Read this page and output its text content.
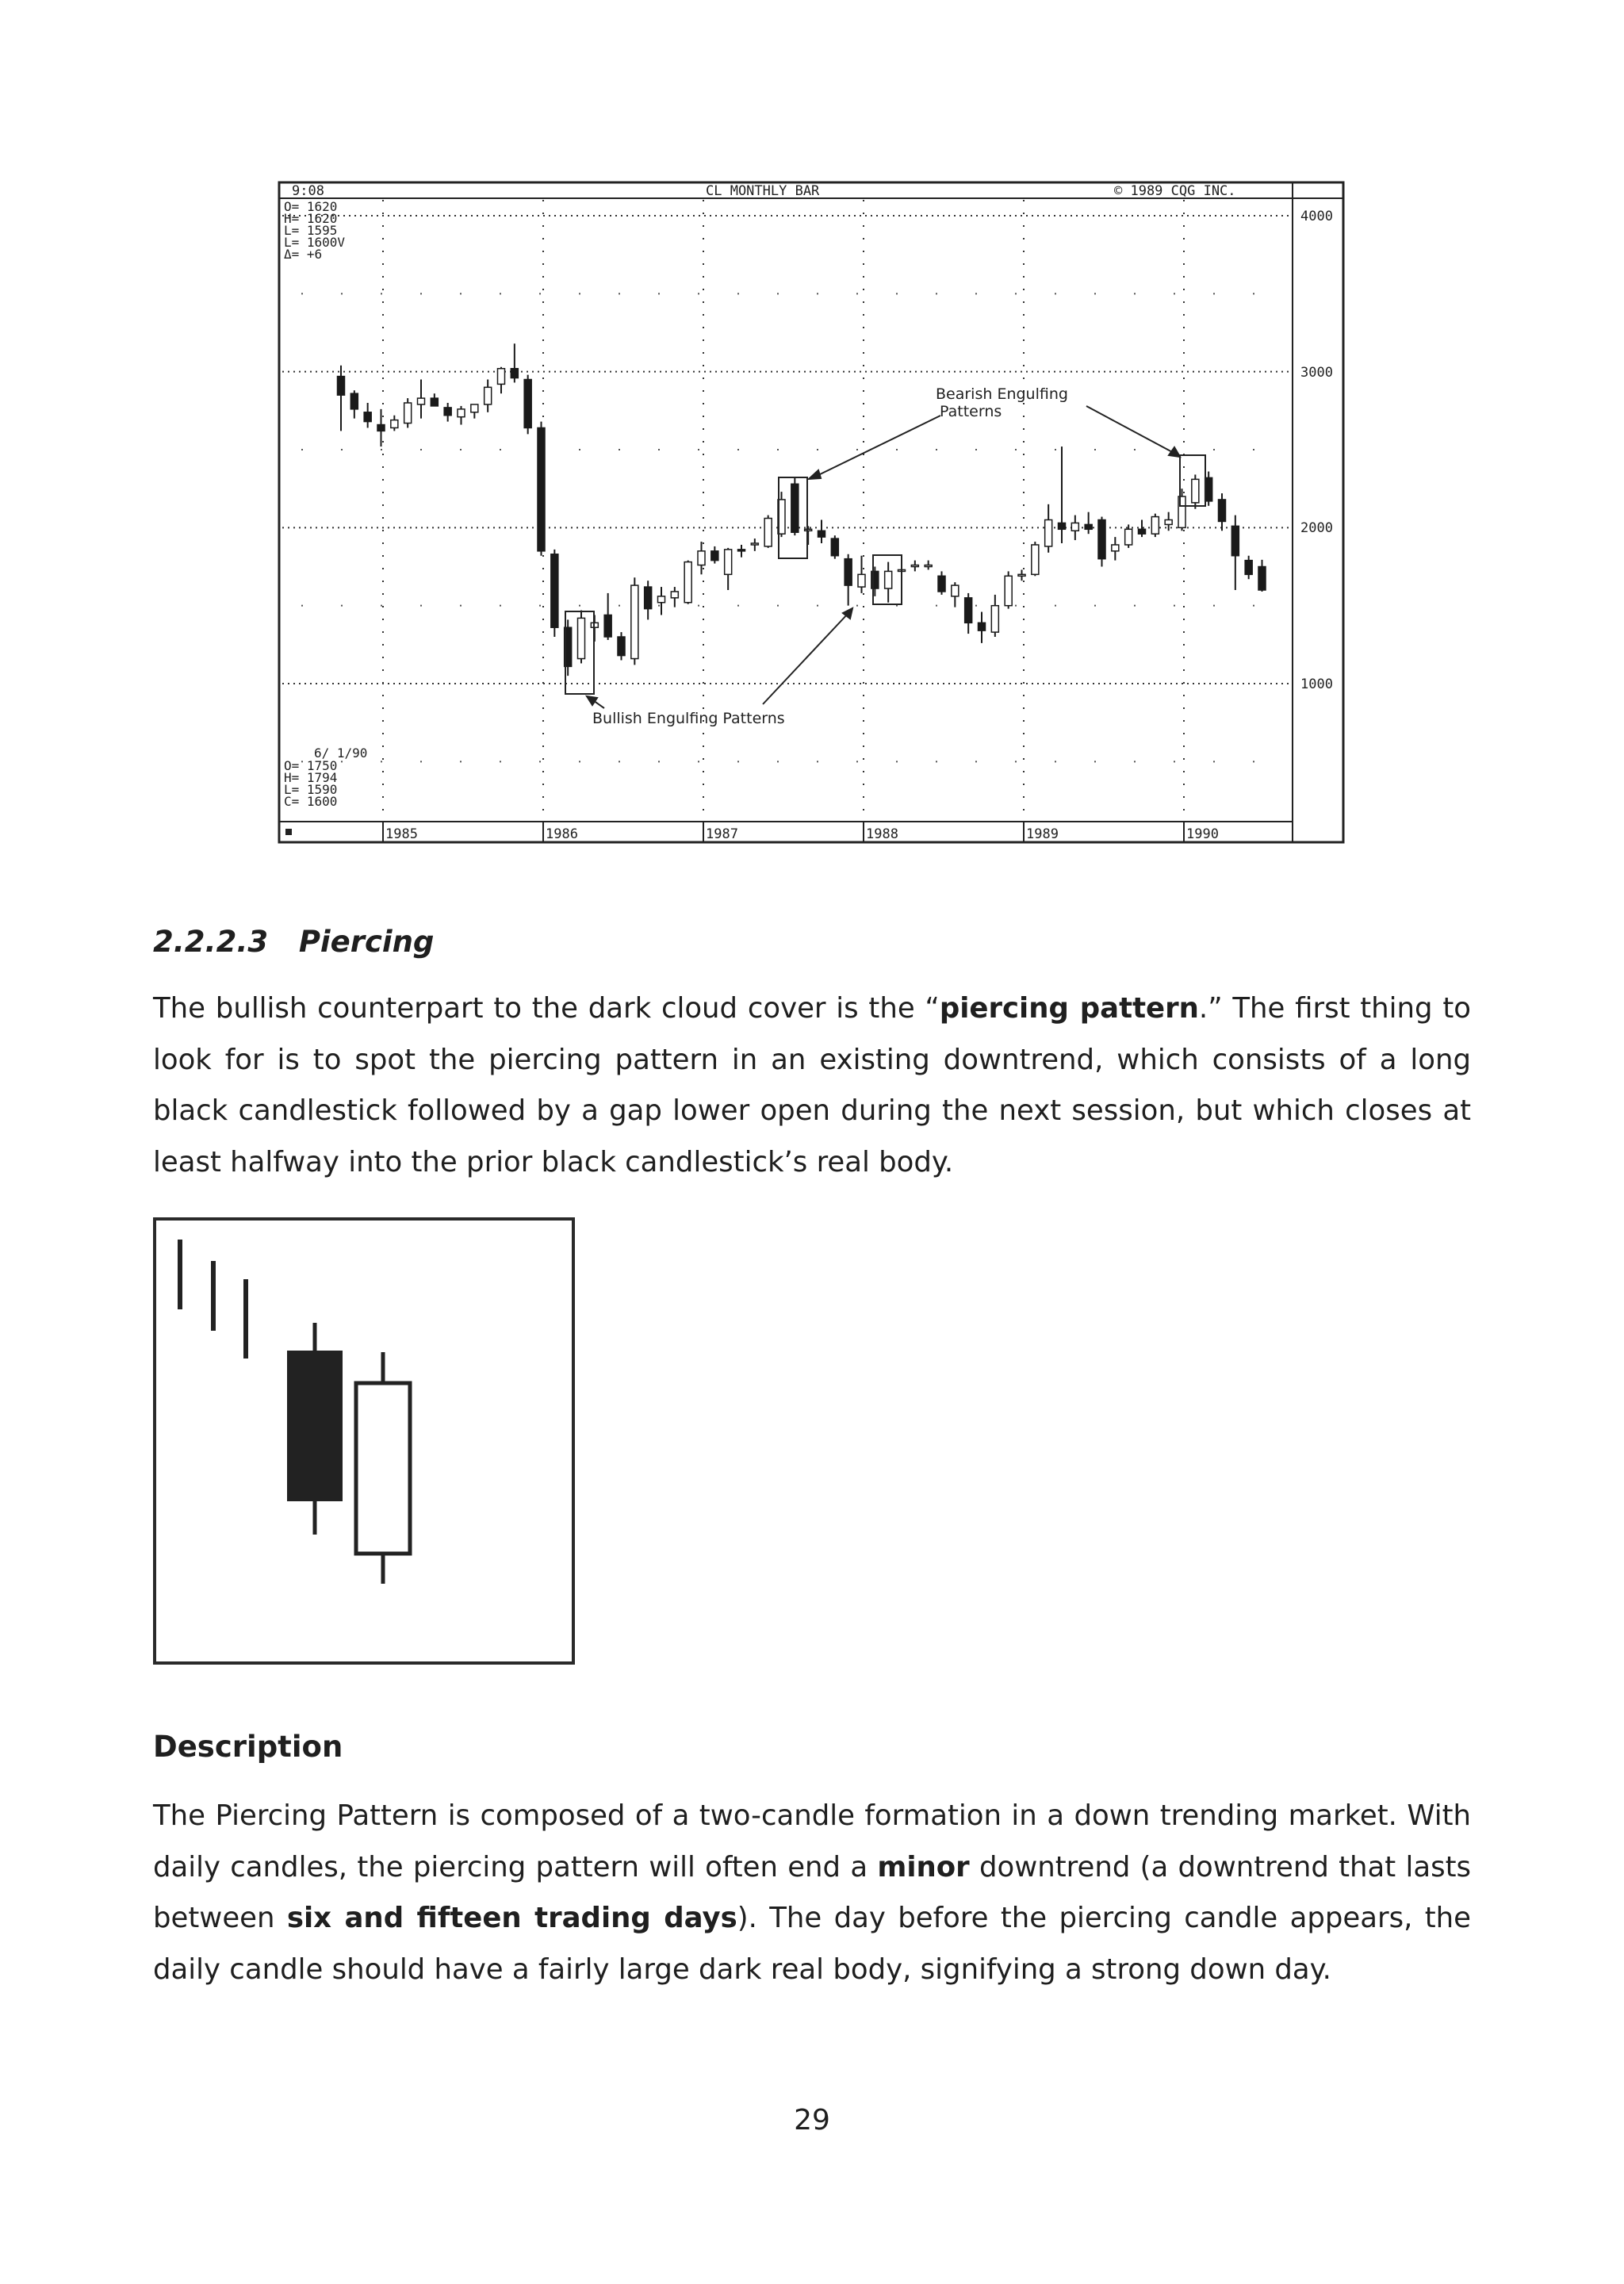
9:08	CL MONTHLY BAR	© 1989 CQG INC.
O= 1620
H= 1620
L= 1595
L= 1600V
Δ= +6
6/ 1/90
O= 1750
H= 1794
L= 1590
C= 1600
4000
3000
2000
1000
1985	1986	1987	1988	1989	1990
Bearish Engulfing
Patterns
Bullish Engulfing Patterns

2.2.2.3 Piercing

The bullish counterpart to the dark cloud cover is the “piercing pattern.” The first thing to look for is to spot the piercing pattern in an existing downtrend, which consists of a long black candlestick followed by a gap lower open during the next session, but which closes at least halfway into the prior black candlestick’s real body.

Description

The Piercing Pattern is composed of a two-candle formation in a down trending market. With daily candles, the piercing pattern will often end a minor downtrend (a downtrend that lasts between six and fifteen trading days). The day before the piercing candle appears, the daily candle should have a fairly large dark real body, signifying a strong down day.

29
